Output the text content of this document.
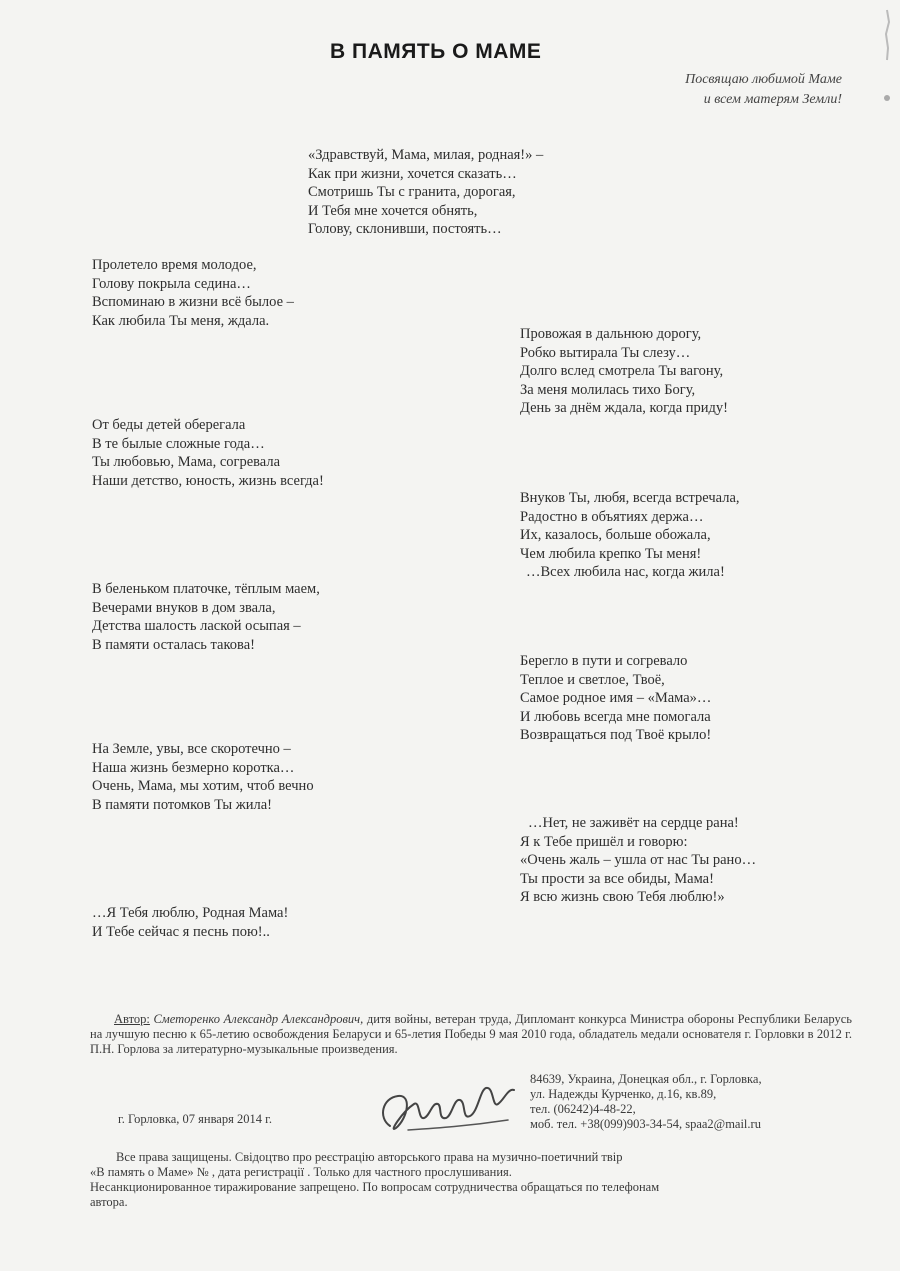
В ПАМЯТЬ О МАМЕ
Посвящаю любимой Маме
и всем матерям Земли!
«Здравствуй, Мама, милая, родная!» –
Как при жизни, хочется сказать…
Смотришь Ты с гранита, дорогая,
И Тебя мне хочется обнять,
Голову, склонивши, постоять…
Пролетело время молодое,
Голову покрыла седина…
Вспоминаю в жизни всё былое –
Как любила Ты меня, ждала.
Провожая в дальнюю дорогу,
Робко вытирала Ты слезу…
Долго вслед смотрела Ты вагону,
За меня молилась тихо Богу,
День за днём ждала, когда приду!
От беды детей оберегала
В те былые сложные года…
Ты любовью, Мама, согревала
Наши детство, юность, жизнь всегда!
Внуков Ты, любя, всегда встречала,
Радостно в объятиях держа…
Их, казалось, больше обожала,
Чем любила крепко Ты меня!
…Всех любила нас, когда жила!
В беленьком платочке, тёплым маем,
Вечерами внуков в дом звала,
Детства шалость лаской осыпая –
В памяти осталась такова!
Берегло в пути и согревало
Теплое и светлое, Твоё,
Самое родное имя – «Мама»…
И любовь всегда мне помогала
Возвращаться под Твоё крыло!
На Земле, увы, все скоротечно –
Наша жизнь безмерно коротка…
Очень, Мама, мы хотим, чтоб вечно
В памяти потомков Ты жила!
…Нет, не заживёт на сердце рана!
Я к Тебе пришёл и говорю:
«Очень жаль – ушла от нас Ты рано…
Ты прости за все обиды, Мама!
Я всю жизнь свою Тебя люблю!»
…Я Тебя люблю, Родная Мама!
И Тебе сейчас я песнь пою!..
Автор: Сметоренко Александр Александрович, дитя войны, ветеран труда, Дипломант конкурса Министра обороны Республики Беларусь на лучшую песню к 65-летию освобождения Беларуси и 65-летия Победы 9 мая 2010 года, обладатель медали основателя г. Горловки в 2012 г. П.Н. Горлова за литературно-музыкальные произведения.
84639, Украина, Донецкая обл., г. Горловка,
ул. Надежды Курченко, д.16, кв.89,
тел. (06242)4-48-22,
моб. тел. +38(099)903-34-54, spaa2@mail.ru
г. Горловка, 07 января 2014 г.
Все права защищены. Свідоцтво про реєстрацію авторського права на музично-поетичний твір
«В память о Маме» № , дата регистрації . Только для частного прослушивания.
Несанкционированное тиражирование запрещено. По вопросам сотрудничества обращаться по телефонам
автора.
